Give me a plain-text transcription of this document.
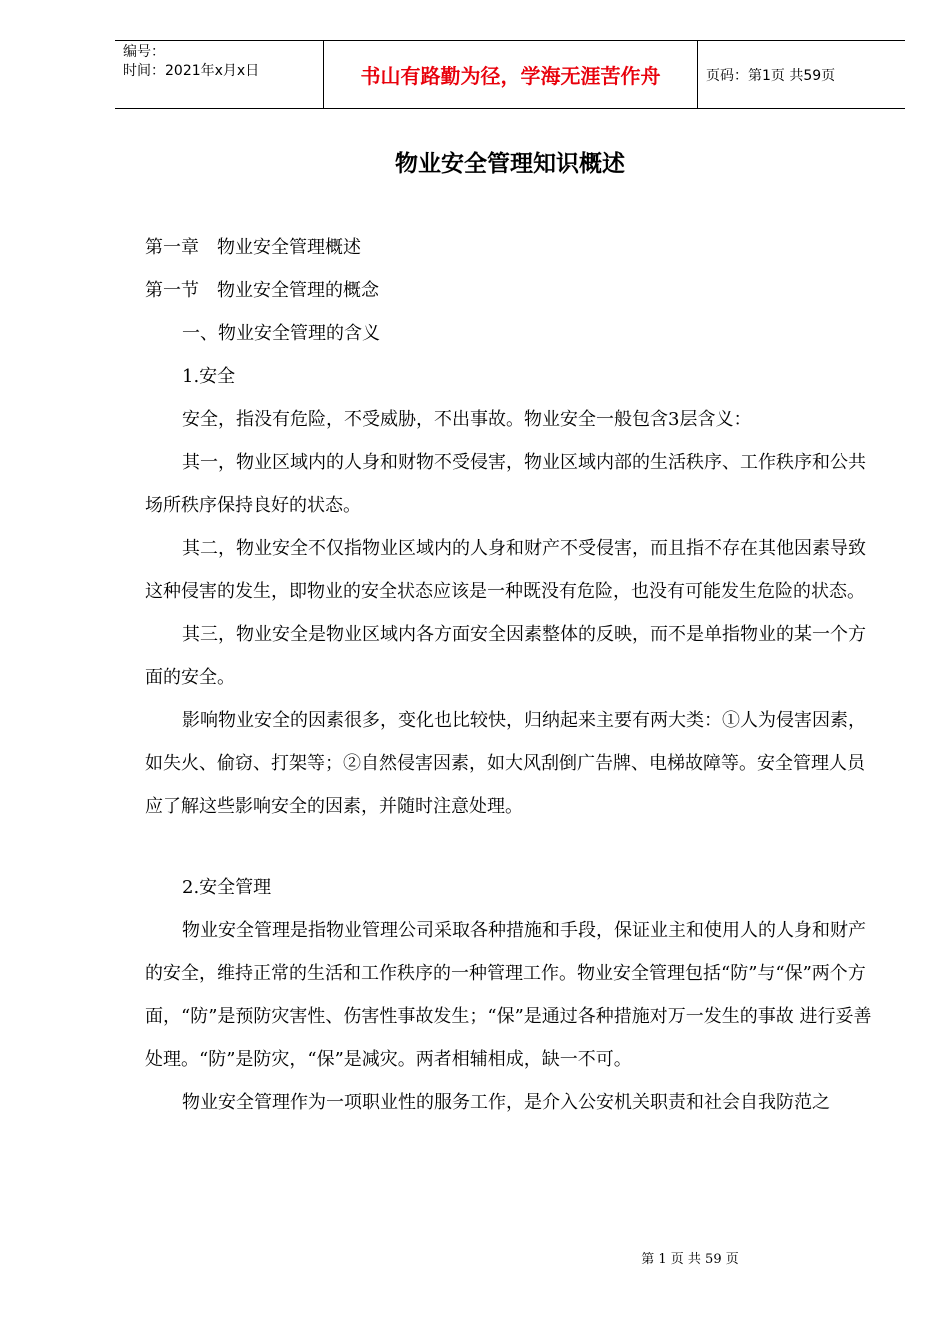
编号：
时间：2021年x月x日	书山有路勤为径，学海无涯苦作舟	页码：第1页 共59页
物业安全管理知识概述

第一章　物业安全管理概述

第一节　物业安全管理的概念

一、物业安全管理的含义

1.安全

安全，指没有危险，不受威胁，不出事故。物业安全一般包含3层含义：

其一，物业区域内的人身和财物不受侵害，物业区域内部的生活秩序、工作秩序和公共 场所秩序保持良好的状态。

其二，物业安全不仅指物业区域内的人身和财产不受侵害，而且指不存在其他因素导致 这种侵害的发生，即物业的安全状态应该是一种既没有危险，也没有可能发生危险的状态。

其三，物业安全是物业区域内各方面安全因素整体的反映，而不是单指物业的某一个方 面的安全。

影响物业安全的因素很多，变化也比较快，归纳起来主要有两大类：①人为侵害因素， 如失火、偷窃、打架等；②自然侵害因素，如大风刮倒广告牌、电梯故障等。安全管理人员应了解这些影响安全的因素，并随时注意处理。

2.安全管理

物业安全管理是指物业管理公司采取各种措施和手段，保证业主和使用人的人身和财产 的安全，维持正常的生活和工作秩序的一种管理工作。物业安全管理包括“防”与“保”两个方面，“防”是预防灾害性、伤害性事故发生；“保”是通过各种措施对万一发生的事故 进行妥善处理。“防”是防灾，“保”是减灾。两者相辅相成，缺一不可。

物业安全管理作为一项职业性的服务工作，是介入公安机关职责和社会自我防范之

第 1 页 共 59 页
